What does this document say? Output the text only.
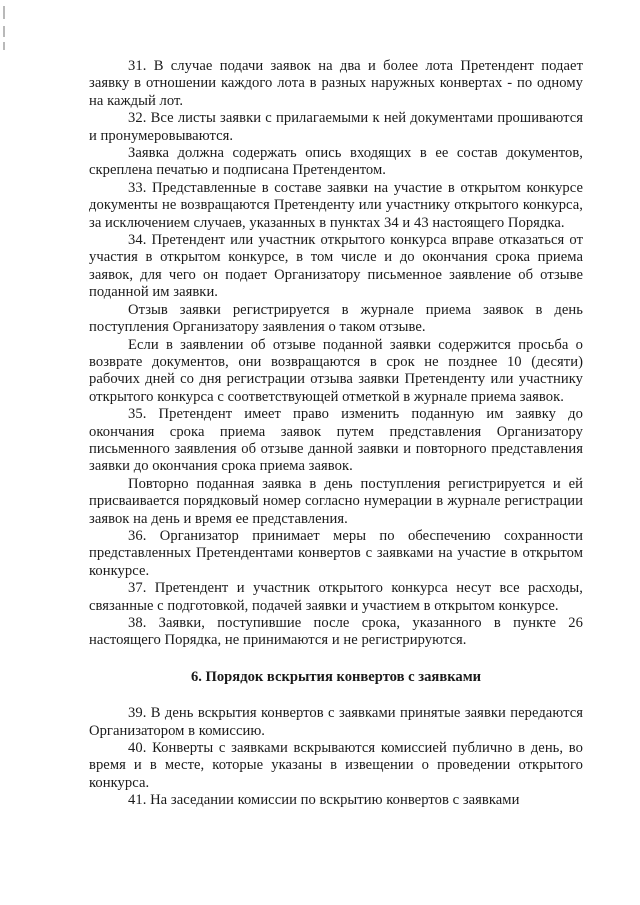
31. В случае подачи заявок на два и более лота Претендент подает заявку в отношении каждого лота в разных наружных конвертах - по одному на каждый лот.

32. Все листы заявки с прилагаемыми к ней документами прошиваются и пронумеровываются.

Заявка должна содержать опись входящих в ее состав документов, скреплена печатью и подписана Претендентом.

33. Представленные в составе заявки на участие в открытом конкурсе документы не возвращаются Претенденту или участнику открытого конкурса, за исключением случаев, указанных в пунктах 34 и 43 настоящего Порядка.

34. Претендент или участник открытого конкурса вправе отказаться от участия в открытом конкурсе, в том числе и до окончания срока приема заявок, для чего он подает Организатору письменное заявление об отзыве поданной им заявки.

Отзыв заявки регистрируется в журнале приема заявок в день поступления Организатору заявления о таком отзыве.

Если в заявлении об отзыве поданной заявки содержится просьба о возврате документов, они возвращаются в срок не позднее 10 (десяти) рабочих дней со дня регистрации отзыва заявки Претенденту или участнику открытого конкурса с соответствующей отметкой в журнале приема заявок.

35. Претендент имеет право изменить поданную им заявку до окончания срока приема заявок путем представления Организатору письменного заявления об отзыве данной заявки и повторного представления заявки до окончания срока приема заявок.

Повторно поданная заявка в день поступления регистрируется и ей присваивается порядковый номер согласно нумерации в журнале регистрации заявок на день и время ее представления.

36. Организатор принимает меры по обеспечению сохранности представленных Претендентами конвертов с заявками на участие в открытом конкурсе.

37. Претендент и участник открытого конкурса несут все расходы, связанные с подготовкой, подачей заявки и участием в открытом конкурсе.

38. Заявки, поступившие после срока, указанного в пункте 26 настоящего Порядка, не принимаются и не регистрируются.

6. Порядок вскрытия конвертов с заявками

39. В день вскрытия конвертов с заявками принятые заявки передаются Организатором в комиссию.

40. Конверты с заявками вскрываются комиссией публично в день, во время и в месте, которые указаны в извещении о проведении открытого конкурса.

41. На заседании комиссии по вскрытию конвертов с заявками
